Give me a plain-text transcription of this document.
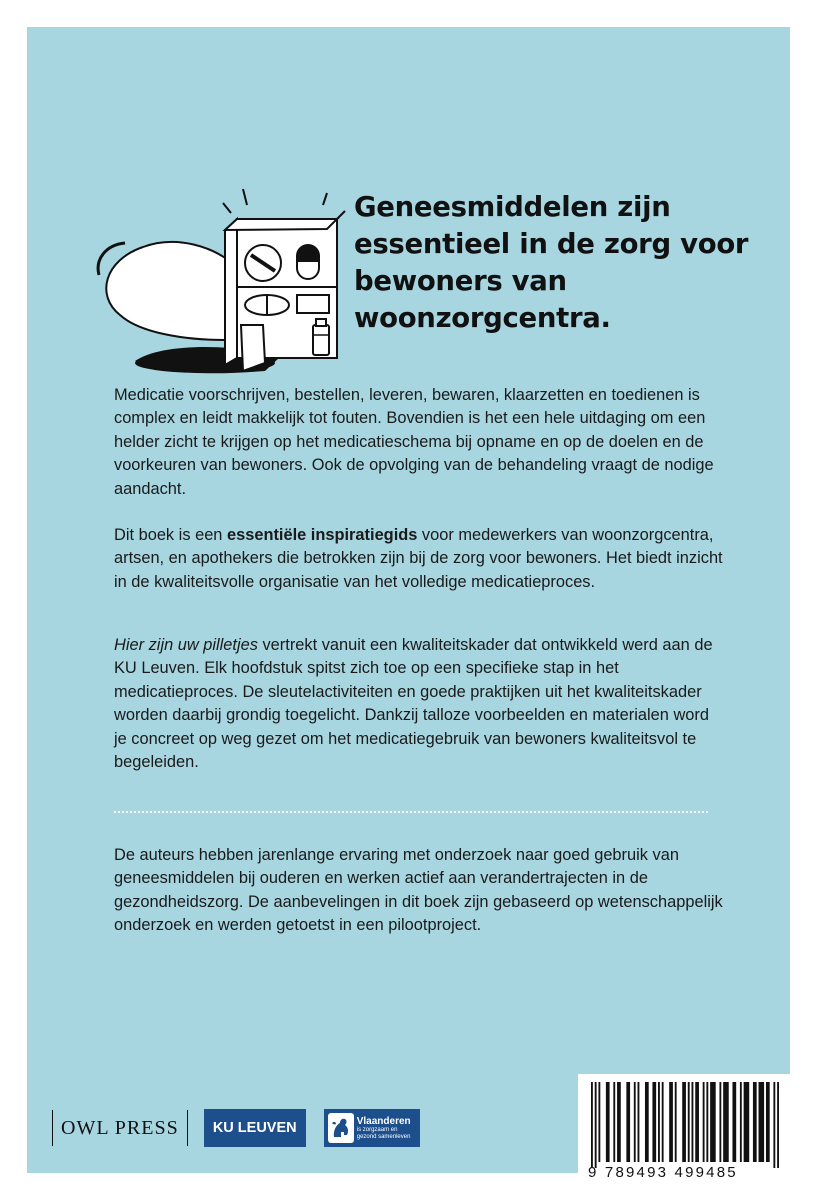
Geneesmiddelen zijn essentieel in de zorg voor bewoners van woonzorgcentra.

Medicatie voorschrijven, bestellen, leveren, bewaren, klaarzetten en toedienen is complex en leidt makkelijk tot fouten. Bovendien is het een hele uitdaging om een helder zicht te krijgen op het medicatieschema bij opname en op de doelen en de voorkeuren van bewoners. Ook de opvolging van de behandeling vraagt de nodige aandacht.

Dit boek is een essentiële inspiratiegids voor medewerkers van woonzorgcentra, artsen, en apothekers die betrokken zijn bij de zorg voor bewoners. Het biedt inzicht in de kwaliteitsvolle organisatie van het volledige medicatieproces.

Hier zijn uw pilletjes vertrekt vanuit een kwaliteitskader dat ontwikkeld werd aan de KU Leuven. Elk hoofdstuk spitst zich toe op een specifieke stap in het medicatieproces. De sleutelactiviteiten en goede praktijken uit het kwaliteitskader worden daarbij grondig toegelicht. Dankzij talloze voorbeelden en materialen word je concreet op weg gezet om het medicatiegebruik van bewoners kwaliteitsvol te begeleiden.

De auteurs hebben jarenlange ervaring met onderzoek naar goed gebruik van geneesmiddelen bij ouderen en werken actief aan verandertrajecten in de gezondheidszorg. De aanbevelingen in dit boek zijn gebaseerd op wetenschappelijk onderzoek en werden getoetst in een pilootproject.

OWL PRESS	KU LEUVEN	Vlaanderen
is zorgzaam en
gezond samenleven
9 789493 499485
